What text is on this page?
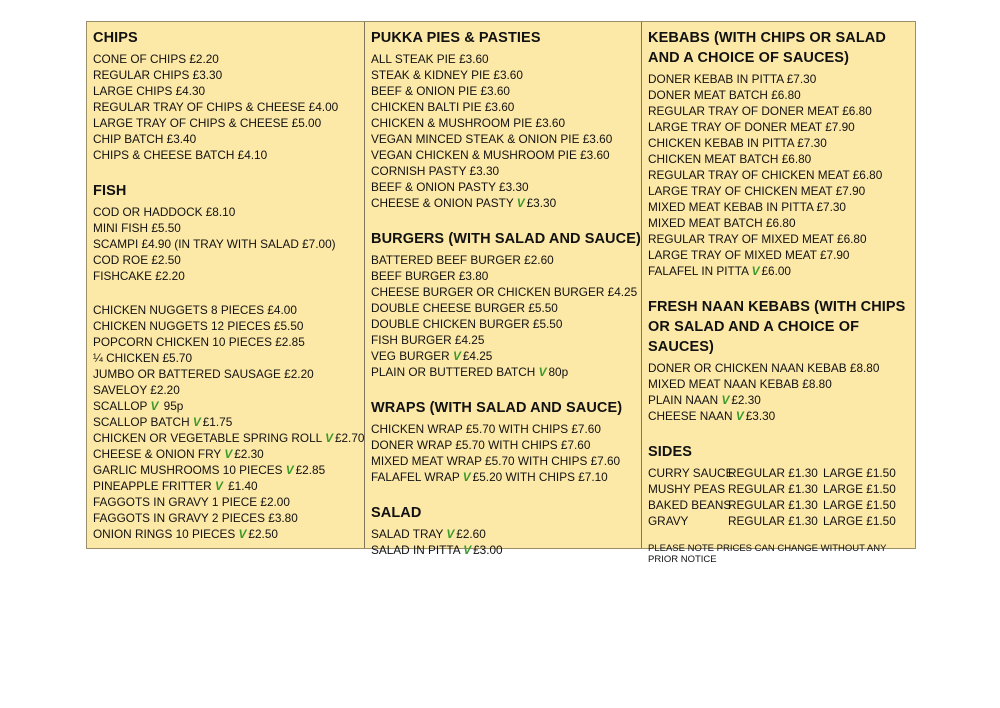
CHIPS
CONE OF CHIPS £2.20
REGULAR CHIPS £3.30
LARGE CHIPS £4.30
REGULAR TRAY OF CHIPS & CHEESE £4.00
LARGE TRAY OF CHIPS & CHEESE £5.00
CHIP BATCH £3.40
CHIPS & CHEESE BATCH £4.10
FISH
COD OR HADDOCK £8.10
MINI FISH £5.50
SCAMPI £4.90 (IN TRAY WITH SALAD £7.00)
COD ROE £2.50
FISHCAKE £2.20
CHICKEN NUGGETS 8 PIECES £4.00
CHICKEN NUGGETS 12 PIECES £5.50
POPCORN CHICKEN 10 PIECES £2.85
¼ CHICKEN £5.70
JUMBO OR BATTERED SAUSAGE £2.20
SAVELOY £2.20
SCALLOP V 95p
SCALLOP BATCH V £1.75
CHICKEN OR VEGETABLE SPRING ROLL V £2.70
CHEESE & ONION FRY V £2.30
GARLIC MUSHROOMS 10 PIECES V £2.85
PINEAPPLE FRITTER V £1.40
FAGGOTS IN GRAVY 1 PIECE £2.00
FAGGOTS IN GRAVY 2 PIECES £3.80
ONION RINGS 10 PIECES V £2.50
PUKKA PIES & PASTIES
ALL STEAK PIE £3.60
STEAK & KIDNEY PIE £3.60
BEEF & ONION PIE £3.60
CHICKEN BALTI PIE £3.60
CHICKEN & MUSHROOM PIE £3.60
VEGAN MINCED STEAK & ONION PIE £3.60
VEGAN CHICKEN & MUSHROOM PIE £3.60
CORNISH PASTY £3.30
BEEF & ONION PASTY £3.30
CHEESE & ONION PASTY V £3.30
BURGERS (WITH SALAD AND SAUCE)
BATTERED BEEF BURGER £2.60
BEEF BURGER £3.80
CHEESE BURGER OR CHICKEN BURGER £4.25
DOUBLE CHEESE BURGER £5.50
DOUBLE CHICKEN BURGER £5.50
FISH BURGER £4.25
VEG BURGER V £4.25
PLAIN OR BUTTERED BATCH V 80p
WRAPS (WITH SALAD AND SAUCE)
CHICKEN WRAP £5.70 WITH CHIPS £7.60
DONER WRAP £5.70 WITH CHIPS £7.60
MIXED MEAT WRAP £5.70 WITH CHIPS £7.60
FALAFEL WRAP V £5.20 WITH CHIPS £7.10
SALAD
SALAD TRAY V £2.60
SALAD IN PITTA V £3.00
KEBABS (WITH CHIPS OR SALAD AND A CHOICE OF SAUCES)
DONER KEBAB IN PITTA £7.30
DONER MEAT BATCH £6.80
REGULAR TRAY OF DONER MEAT £6.80
LARGE TRAY OF DONER MEAT £7.90
CHICKEN KEBAB IN PITTA £7.30
CHICKEN MEAT BATCH £6.80
REGULAR TRAY OF CHICKEN MEAT £6.80
LARGE TRAY OF CHICKEN MEAT £7.90
MIXED MEAT KEBAB IN PITTA £7.30
MIXED MEAT BATCH £6.80
REGULAR TRAY OF MIXED MEAT £6.80
LARGE TRAY OF MIXED MEAT £7.90
FALAFEL IN PITTA V £6.00
FRESH NAAN KEBABS (WITH CHIPS OR SALAD AND A CHOICE OF SAUCES)
DONER OR CHICKEN NAAN KEBAB £8.80
MIXED MEAT NAAN KEBAB £8.80
PLAIN NAAN V £2.30
CHEESE NAAN V £3.30
SIDES
CURRY SAUCE
REGULAR £1.30 LARGE £1.50
MUSHY PEAS REGULAR £1.30 LARGE £1.50
BAKED BEANS
REGULAR £1.30 LARGE £1.50
GRAVY	REGULAR £1.30 LARGE £1.50
PLEASE NOTE PRICES CAN CHANGE WITHOUT ANY PRIOR NOTICE
